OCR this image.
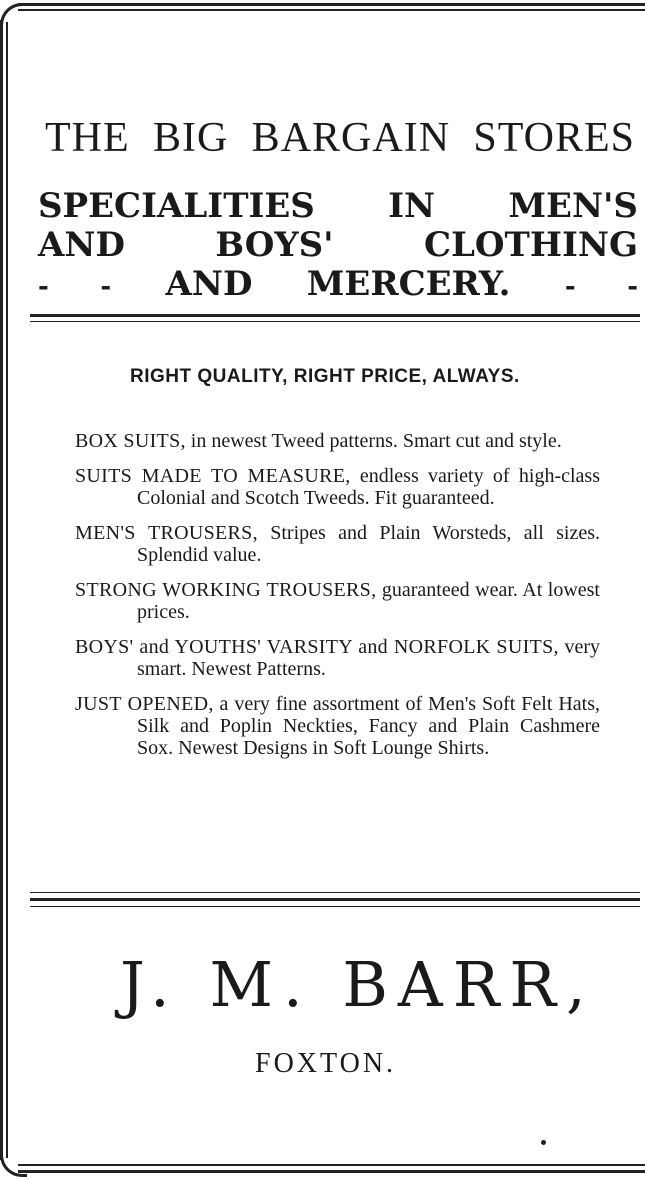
THE BIG BARGAIN STORES
SPECIALITIES IN MEN'S
AND BOYS' CLOTHING
- - AND MERCERY. - -
RIGHT QUALITY, RIGHT PRICE, ALWAYS.

BOX SUITS, in newest Tweed patterns. Smart cut and style.

SUITS MADE TO MEASURE, endless variety of high-class Colonial and Scotch Tweeds. Fit guaranteed.

MEN'S TROUSERS, Stripes and Plain Worsteds, all sizes. Splendid value.

STRONG WORKING TROUSERS, guaranteed wear. At lowest prices.

BOYS' and YOUTHS' VARSITY and NORFOLK SUITS, very smart. Newest Patterns.

JUST OPENED, a very fine assortment of Men's Soft Felt Hats, Silk and Poplin Neckties, Fancy and Plain Cashmere Sox. Newest Designs in Soft Lounge Shirts.

J. M. BARR,
FOXTON.
